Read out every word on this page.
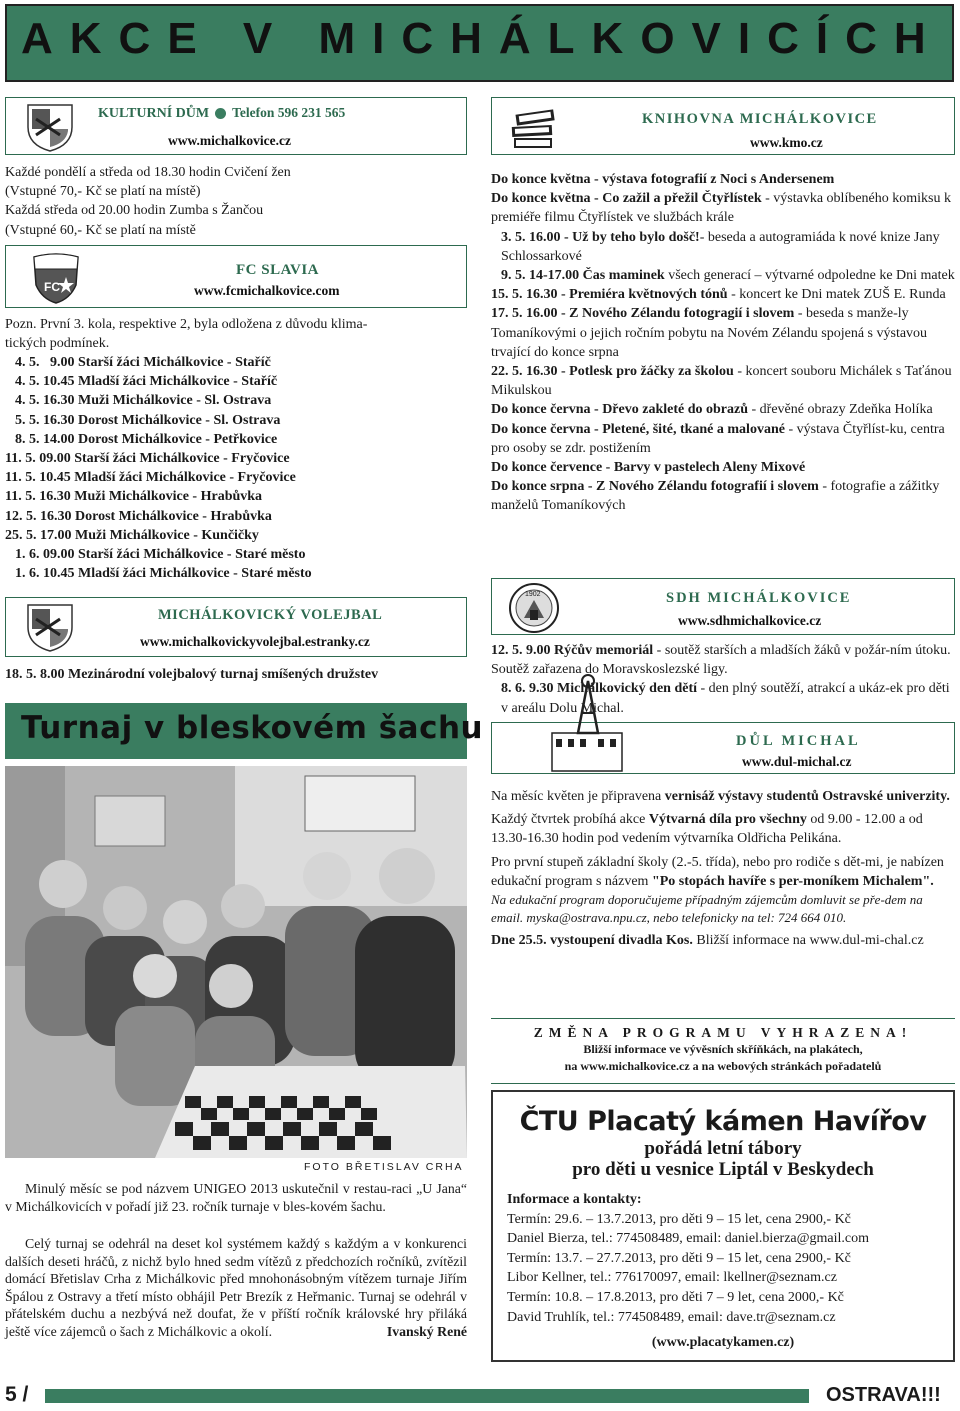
AKCE V MICHÁLKOVICÍCH
KULTURNÍ DŮM Telefon 596 231 565
www.michalkovice.cz

Každé pondělí a středa od 18.30 hodin Cvičení žen

(Vstupné 70,- Kč se platí na místě)

Každá středa od 20.00 hodin Zumba s Žančou

(Vstupné 60,- Kč se platí na místě

FC
FC SLAVIA
www.fcmichalkovice.com

Pozn. První 3. kola, respektive 2, byla odložena z důvodu klima-

tických podmínek.

4. 5.   9.00 Starší žáci Michálkovice - Staříč

4. 5. 10.45 Mladší žáci Michálkovice - Staříč

4. 5. 16.30 Muži Michálkovice - Sl. Ostrava

5. 5. 16.30 Dorost Michálkovice - Sl. Ostrava

8. 5. 14.00 Dorost Michálkovice - Petřkovice

11. 5. 09.00 Starší žáci Michálkovice - Fryčovice

11. 5. 10.45 Mladší žáci Michálkovice - Fryčovice

11. 5. 16.30 Muži Michálkovice - Hrabůvka

12. 5. 16.30 Dorost Michálkovice - Hrabůvka

25. 5. 17.00 Muži Michálkovice - Kunčičky

1. 6. 09.00 Starší žáci Michálkovice - Staré město

1. 6. 10.45 Mladší žáci Michálkovice - Staré město

MICHÁLKOVICKÝ VOLEJBAL
www.michalkovickyvolejbal.estranky.cz
18. 5. 8.00 Mezinárodní volejbalový turnaj smíšených družstev
Turnaj v bleskovém šachu
FOTO BŘETISLAV CRHA
Minulý měsíc se pod názvem UNIGEO 2013 uskutečnil v restau-raci „U Jana“ v Michálkovicích v pořadí již 23. ročník turnaje v bles-kovém šachu.
Celý turnaj se odehrál na deset kol systémem každý s každým a v konkurenci dalších deseti hráčů, z nichž bylo hned sedm vítězů z předchozích ročníků, zvítězil domácí Břetislav Crha z Michálkovic před mnohonásobným vítězem turnaje Jiřím Špálou z Ostravy a třetí místo obhájil Petr Brezík z Heřmanic. Turnaj se odehrál v přátelském duchu a nezbývá než doufat, že v příští ročník královské hry přiláká ještě více zájemců o šach z Michálkovic a okolí.	Ivanský René
KNIHOVNA MICHÁLKOVICE
www.kmo.cz

Do konce května - výstava fotografií z Noci s Andersenem

Do konce května - Co zažil a přežil Čtyřlístek - výstavka oblíbeného komiksu k premiéře filmu Čtyřlístek ve službách krále

3. 5. 16.00 - Už by teho bylo došč!- beseda a autogramiáda k nové knize Jany Schlossarkové

9. 5. 14-17.00 Čas maminek všech generací – výtvarné odpoledne ke Dni matek

15. 5. 16.30 - Premiéra květnových tónů - koncert ke Dni matek ZUŠ E. Runda

17. 5. 16.00 - Z Nového Zélandu fotogragií i slovem - beseda s manže-ly Tomaníkovými o jejich ročním pobytu na Novém Zélandu spojená s výstavou trvající do konce srpna

22. 5. 16.30 - Potlesk pro žáčky za školou - koncert souboru Michálek s Taťánou Mikulskou

Do konce června - Dřevo zakleté do obrazů - dřevěné obrazy Zdeňka Holíka

Do konce června - Pletené, šité, tkané a malované - výstava Čtyřlíst-ku, centra pro osoby se zdr. postižením

Do konce července - Barvy v pastelech Aleny Mixové

Do konce srpna - Z Nového Zélandu fotografií i slovem - fotografie a zážitky manželů Tomaníkových

1902	SDH MICHÁLKOVICE
www.sdhmichalkovice.cz

12. 5. 9.00 Rýčův memoriál - soutěž starších a mladších žáků v požár-ním útoku. Soutěž zařazena do Moravskoslezské ligy.

8. 6. 9.30 Michálkovický den dětí - den plný soutěží, atrakcí a ukáz-ek pro děti v areálu Dolu Michal.

DŮL MICHAL
www.dul-michal.cz

Na měsíc květen je připravena vernisáž výstavy studentů Ostravské univerzity.

Každý čtvrtek probíhá akce Výtvarná díla pro všechny od 9.00 - 12.00 a od 13.30-16.30 hodin pod vedením výtvarníka Oldřicha Pelikána.

Pro první stupeň základní školy (2.-5. třída), nebo pro rodiče s dět-mi, je nabízen edukační program s názvem "Po stopách havíře s per-moníkem Michalem".

Na edukační program doporučujeme případným zájemcům domluvit se pře-dem na email. myska@ostrava.npu.cz, nebo telefonicky na tel: 724 664 010.

Dne 25.5. vystoupení divadla Kos. Bližší informace na www.dul-mi-chal.cz

ZMĚNA PROGRAMU VYHRAZENA!
Bližší informace ve vývěsních skříňkách, na plakátech,
na www.michalkovice.cz a na webových stránkách pořadatelů
ČTU Placatý kámen Havířov
pořádá letní tábory
pro děti u vesnice Liptál v Beskydech

Informace a kontakty:

Termín: 29.6. – 13.7.2013, pro děti 9 – 15 let, cena 2900,- Kč

Daniel Bierza, tel.: 774508489, email: daniel.bierza@gmail.com

Termín: 13.7. – 27.7.2013, pro děti 9 – 15 let, cena 2900,- Kč

Libor Kellner, tel.: 776170097, email: lkellner@seznam.cz

Termín: 10.8. – 17.8.2013, pro děti 7 – 9 let, cena 2000,- Kč

David Truhlík, tel.: 774508489, email: dave.tr@seznam.cz

(www.placatykamen.cz)
5 /	OSTRAVA!!!
